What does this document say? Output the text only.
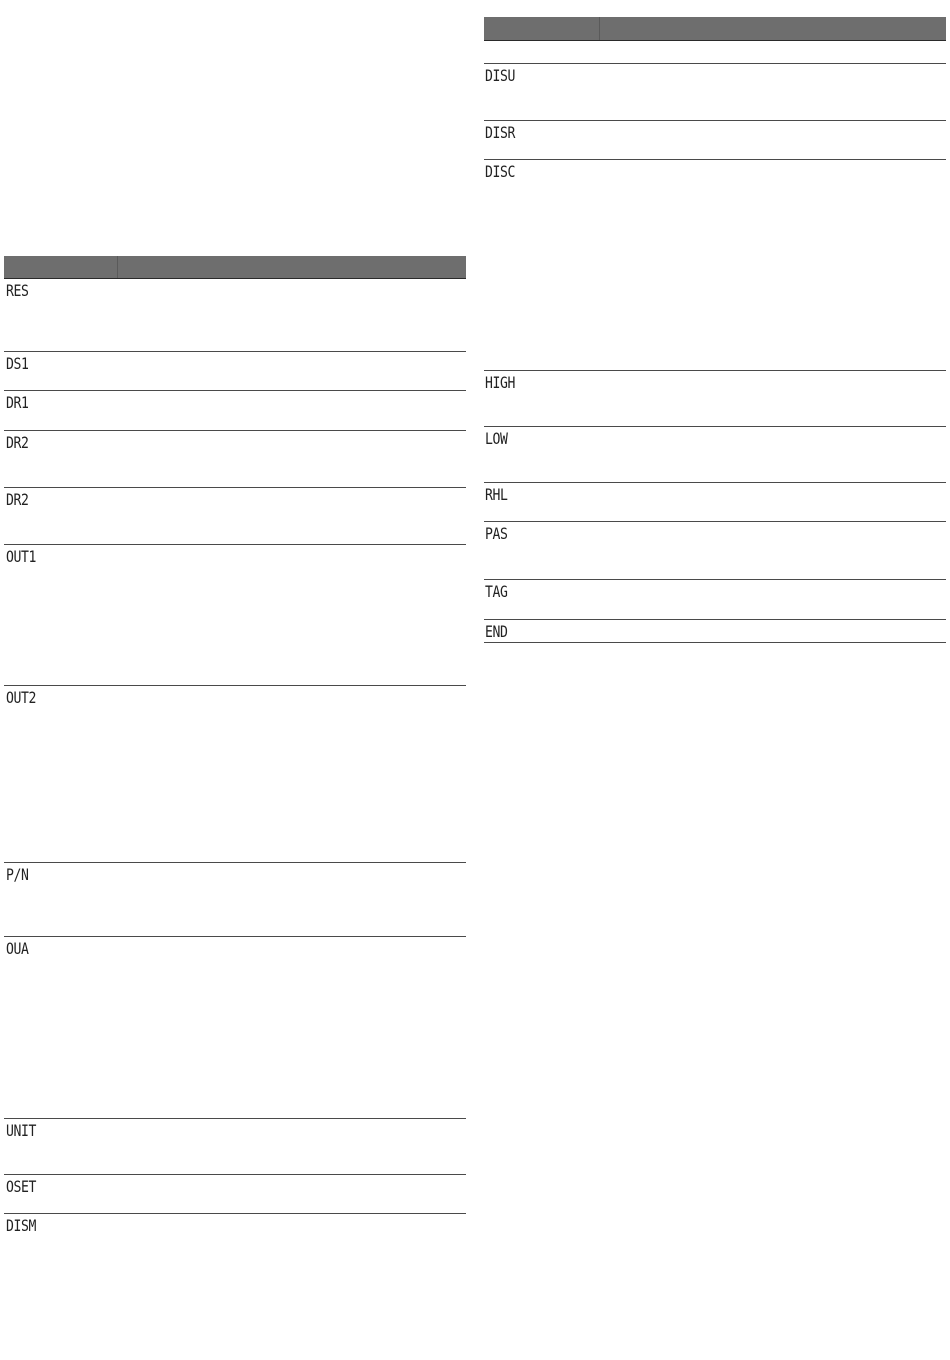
RES
DS1
DR1
DR2
DR2
OUT1
OUT2
P/N
OUA
UNIT
OSET
DISM
DISU
DISR
DISC
HIGH
LOW
RHL
PAS
TAG
END
